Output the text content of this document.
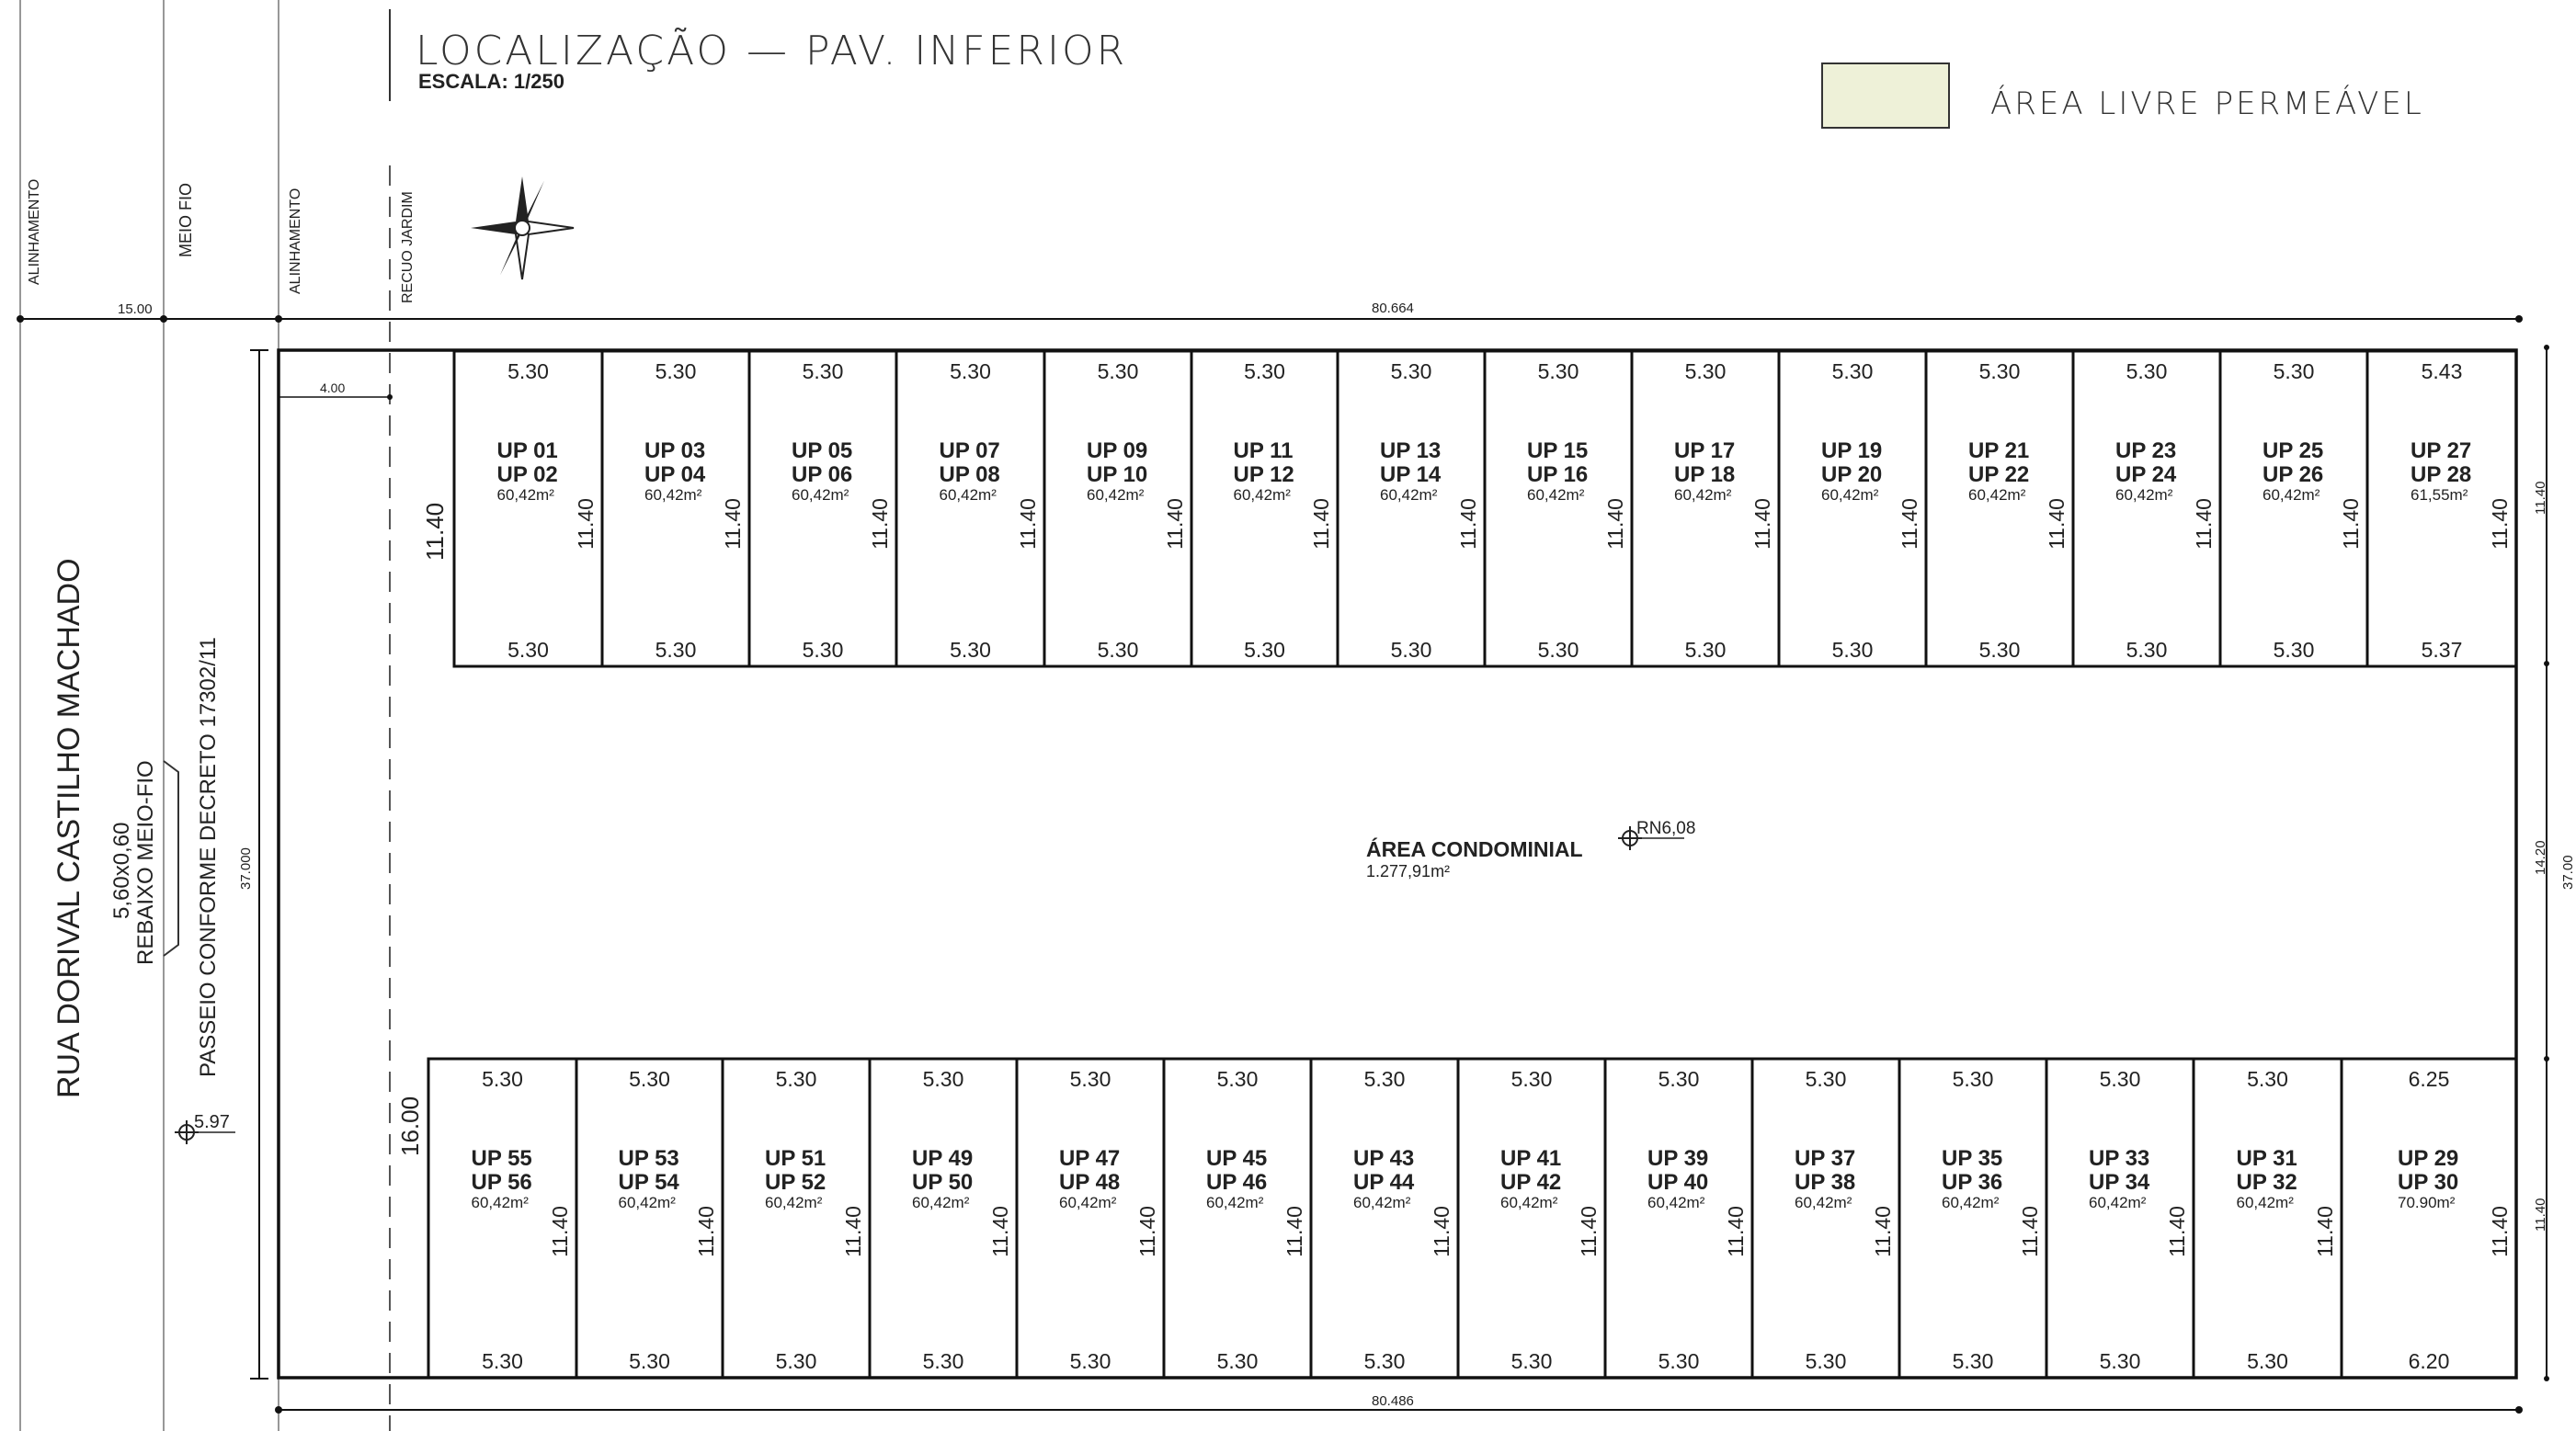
LOCALIZAÇÃO — PAV. INFERIOR
ESCALA: 1/250
ÁREA LIVRE PERMEÁVEL
ALINHAMENTO	MEIO FIO	ALINHAMENTO	RECUO JARDIM
RUA DORIVAL CASTILHO MACHADO 5,60x0,60 REBAIXO MEIO-FIO PASSEIO CONFORME DECRETO 17302/11
5.97
15.00	80.664
80.486
37.000
11.40
14.20
11.40
37.00
4.00
11.40
16.00
ÁREA CONDOMINIAL
1.277,91m²
RN6,08
5.30
UP 01
UP 02
60,42m²
11.40
5.30
5.30
UP 03
UP 04
60,42m²
11.40
5.30
5.30
UP 05
UP 06
60,42m²
11.40
5.30
5.30
UP 07
UP 08
60,42m²
11.40
5.30
5.30
UP 09
UP 10
60,42m²
11.40
5.30
5.30
UP 11
UP 12
60,42m²
11.40
5.30
5.30
UP 13
UP 14
60,42m²
11.40
5.30
5.30
UP 15
UP 16
60,42m²
11.40
5.30
5.30
UP 17
UP 18
60,42m²
11.40
5.30
5.30
UP 19
UP 20
60,42m²
11.40
5.30
5.30
UP 21
UP 22
60,42m²
11.40
5.30
5.30
UP 23
UP 24
60,42m²
11.40
5.30
5.30
UP 25
UP 26
60,42m²
11.40
5.30
5.43
UP 27
UP 28
61,55m²
11.40
5.37
5.30
UP 55
UP 56
60,42m²
11.40
5.30
5.30
UP 53
UP 54
60,42m²
11.40
5.30
5.30
UP 51
UP 52
60,42m²
11.40
5.30
5.30
UP 49
UP 50
60,42m²
11.40
5.30
5.30
UP 47
UP 48
60,42m²
11.40
5.30
5.30
UP 45
UP 46
60,42m²
11.40
5.30
5.30
UP 43
UP 44
60,42m²
11.40
5.30
5.30
UP 41
UP 42
60,42m²
11.40
5.30
5.30
UP 39
UP 40
60,42m²
11.40
5.30
5.30
UP 37
UP 38
60,42m²
11.40
5.30
5.30
UP 35
UP 36
60,42m²
11.40
5.30
5.30
UP 33
UP 34
60,42m²
11.40
5.30
5.30
UP 31
UP 32
60,42m²
11.40
5.30
6.25
UP 29
UP 30
70.90m²
11.40
6.20
